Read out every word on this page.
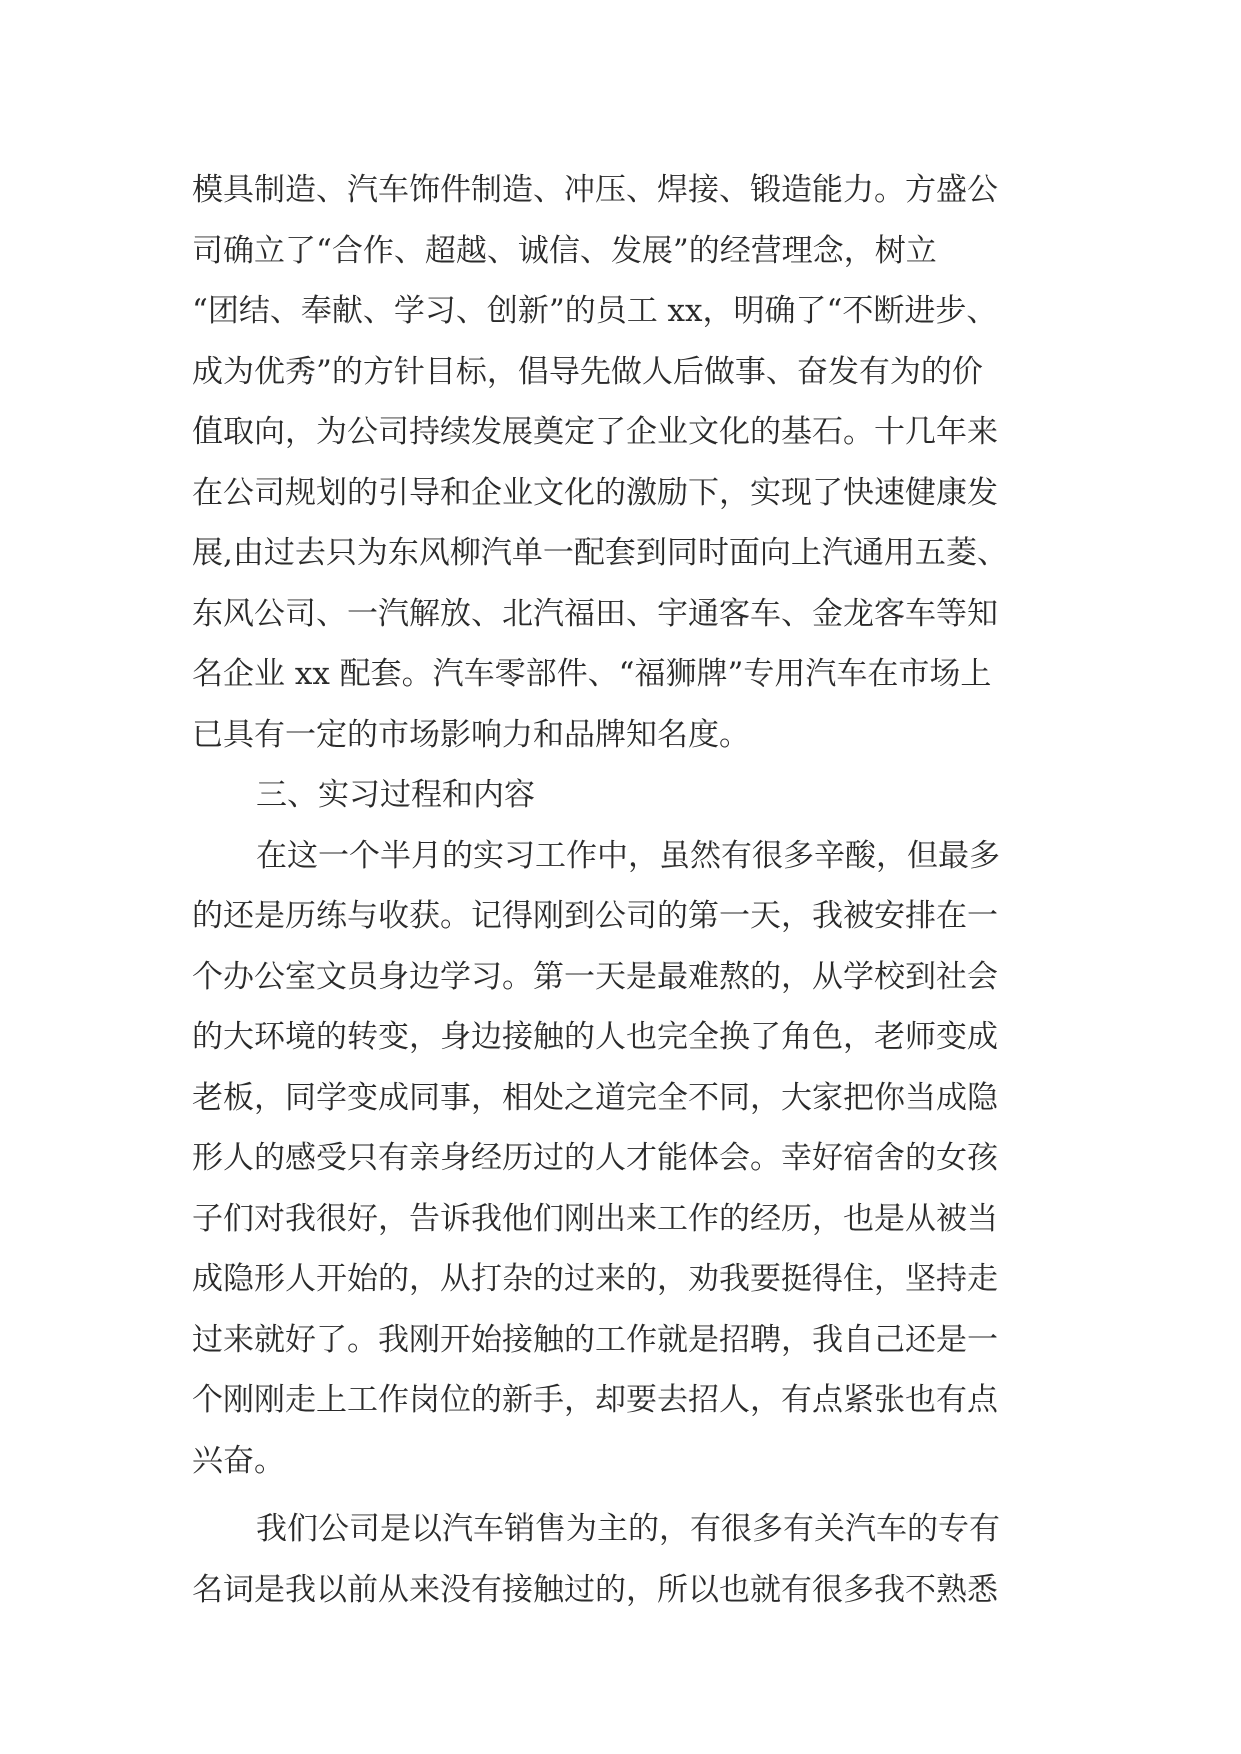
模具制造、汽车饰件制造、冲压、焊接、锻造能力。方盛公
司确立了“合作、超越、诚信、发展”的经营理念，树立
“团结、奉献、学习、创新”的员工 xx，明确了“不断进步、
成为优秀”的方针目标，倡导先做人后做事、奋发有为的价
值取向，为公司持续发展奠定了企业文化的基石。十几年来
在公司规划的引导和企业文化的激励下，实现了快速健康发
展,由过去只为东风柳汽单一配套到同时面向上汽通用五菱、
东风公司、一汽解放、北汽福田、宇通客车、金龙客车等知
名企业 xx 配套。汽车零部件、“福狮牌”专用汽车在市场上
已具有一定的市场影响力和品牌知名度。
三、实习过程和内容
在这一个半月的实习工作中，虽然有很多辛酸，但最多
的还是历练与收获。记得刚到公司的第一天，我被安排在一
个办公室文员身边学习。第一天是最难熬的，从学校到社会
的大环境的转变，身边接触的人也完全换了角色，老师变成
老板，同学变成同事，相处之道完全不同，大家把你当成隐
形人的感受只有亲身经历过的人才能体会。幸好宿舍的女孩
子们对我很好，告诉我他们刚出来工作的经历，也是从被当
成隐形人开始的，从打杂的过来的，劝我要挺得住，坚持走
过来就好了。我刚开始接触的工作就是招聘，我自己还是一
个刚刚走上工作岗位的新手，却要去招人，有点紧张也有点
兴奋。
我们公司是以汽车销售为主的，有很多有关汽车的专有
名词是我以前从来没有接触过的，所以也就有很多我不熟悉
